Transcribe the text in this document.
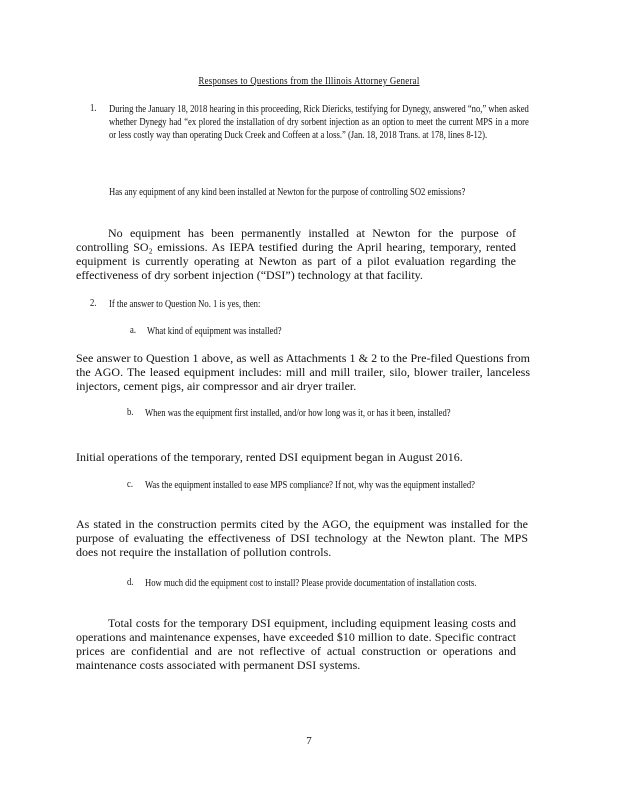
Responses to Questions from the Illinois Attorney General
1. During the January 18, 2018 hearing in this proceeding, Rick Diericks, testifying for Dynegy, answered “no,” when asked whether Dynegy had “ex plored the installation of dry sorbent injection as an option to meet the current MPS in a more or less costly way than operating Duck Creek and Coffeen at a loss.” (Jan. 18, 2018 Trans. at 178, lines 8-12).
Has any equipment of any kind been installed at Newton for the purpose of controlling SO2 emissions?
No equipment has been permanently installed at Newton for the purpose of controlling SO₂ emissions. As IEPA testified during the April hearing, temporary, rented equipment is currently operating at Newton as part of a pilot evaluation regarding the effectiveness of dry sorbent injection (“DSI”) technology at that facility.
2. If the answer to Question No. 1 is yes, then:
a. What kind of equipment was installed?
See answer to Question 1 above, as well as Attachments 1 & 2 to the Pre-filed Questions from the AGO. The leased equipment includes: mill and mill trailer, silo, blower trailer, lanceless injectors, cement pigs, air compressor and air dryer trailer.
b. When was the equipment first installed, and/or how long was it, or has it been, installed?
Initial operations of the temporary, rented DSI equipment began in August 2016.
c. Was the equipment installed to ease MPS compliance? If not, why was the equipment installed?
As stated in the construction permits cited by the AGO, the equipment was installed for the purpose of evaluating the effectiveness of DSI technology at the Newton plant. The MPS does not require the installation of pollution controls.
d. How much did the equipment cost to install? Please provide documentation of installation costs.
Total costs for the temporary DSI equipment, including equipment leasing costs and operations and maintenance expenses, have exceeded $10 million to date. Specific contract prices are confidential and are not reflective of actual construction or operations and maintenance costs associated with permanent DSI systems.
7
